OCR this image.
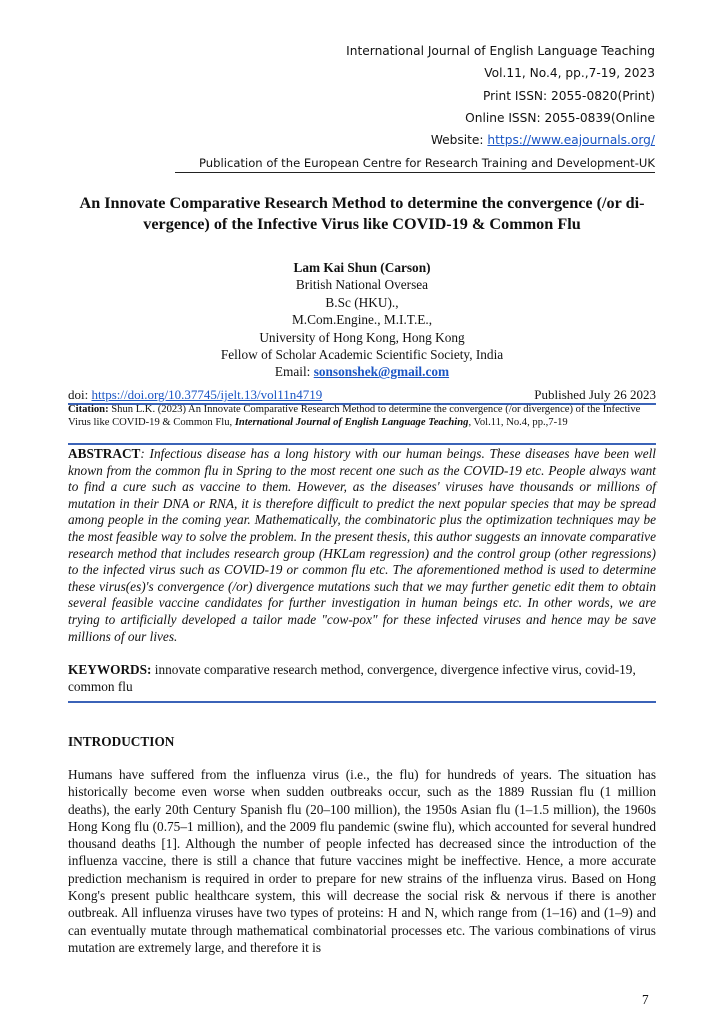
International Journal of English Language Teaching
Vol.11, No.4, pp.,7-19, 2023
Print ISSN: 2055-0820(Print)
Online ISSN: 2055-0839(Online
Website: https://www.eajournals.org/
Publication of the European Centre for Research Training and Development-UK
An Innovate Comparative Research Method to determine the convergence (/or di-
vergence) of the Infective Virus like COVID-19 & Common Flu
Lam Kai Shun (Carson)
British National Oversea
B.Sc (HKU).,
M.Com.Engine., M.I.T.E.,
University of Hong Kong, Hong Kong
Fellow of Scholar Academic Scientific Society, India
Email: sonsonshek@gmail.com
doi: https://doi.org/10.37745/ijelt.13/vol11n4719	Published July 26 2023
Citation: Shun L.K. (2023) An Innovate Comparative Research Method to determine the convergence (/or divergence) of the Infective Virus like COVID-19 & Common Flu, International Journal of English Language Teaching, Vol.11, No.4, pp.,7-19
ABSTRACT: Infectious disease has a long history with our human beings. These diseases have been well known from the common flu in Spring to the most recent one such as the COVID-19 etc. People always want to find a cure such as vaccine to them. However, as the diseases' viruses have thousands or millions of mutation in their DNA or RNA, it is therefore difficult to predict the next popular species that may be spread among people in the coming year. Mathematically, the combinatoric plus the optimization techniques may be the most feasible way to solve the problem. In the present thesis, this author suggests an innovate comparative research method that includes research group (HKLam regression) and the control group (other regressions) to the infected virus such as COVID-19 or common flu etc. The aforementioned method is used to determine these virus(es)'s convergence (/or) divergence mutations such that we may further genetic edit them to obtain several feasible vaccine candidates for further investigation in human beings etc. In other words, we are trying to artificially developed a tailor made "cow-pox" for these infected viruses and hence may be save millions of our lives.
KEYWORDS: innovate comparative research method, convergence, divergence infective virus, covid-19, common flu
INTRODUCTION
Humans have suffered from the influenza virus (i.e., the flu) for hundreds of years. The situation has historically become even worse when sudden outbreaks occur, such as the 1889 Russian flu (1 million deaths), the early 20th Century Spanish flu (20–100 million), the 1950s Asian flu (1–1.5 million), the 1960s Hong Kong flu (0.75–1 million), and the 2009 flu pandemic (swine flu), which accounted for several hundred thousand deaths [1]. Although the number of people infected has decreased since the introduction of the influenza vaccine, there is still a chance that future vaccines might be ineffective. Hence, a more accurate prediction mechanism is required in order to prepare for new strains of the influenza virus. Based on Hong Kong's present public healthcare system, this will decrease the social risk & nervous if there is another outbreak. All influenza viruses have two types of proteins: H and N, which range from (1–16) and (1–9) and can eventually mutate through mathematical combinatorial processes etc. The various combinations of virus mutation are extremely large, and therefore it is
7
